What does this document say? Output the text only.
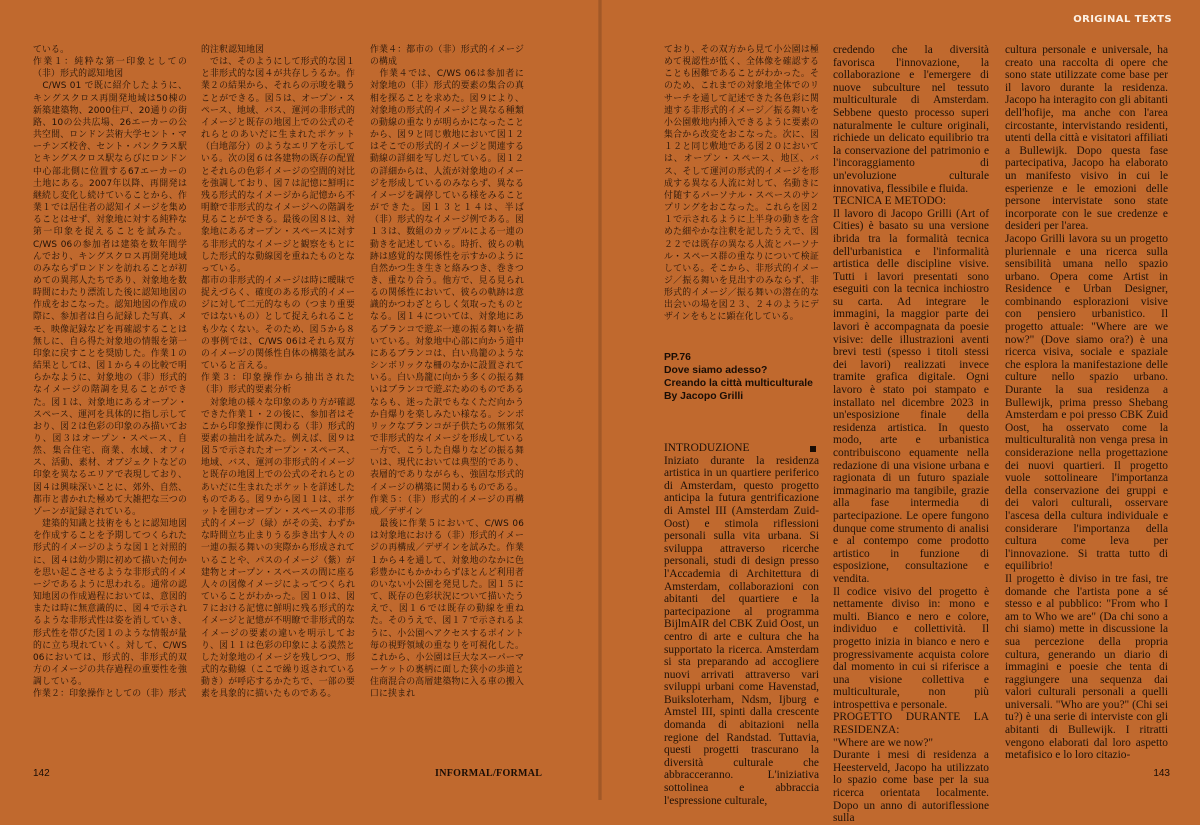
ている。
作業１：純粋な第一印象としての（非）形式的認知地図
　C/WS 01 で既に紹介したように、キングスクロス再開発地域は50棟の新築建築物、2000住戸、20通りの街路、10の公共広場、26エーカーの公共空間、ロンドン芸術大学セント・マーチンズ校舎、セント・パンクラス駅とキングスクロス駅ならびにロンドン中心部北側に位置する67エーカーの土地にある。2007年以降、再開発は継続し変化し続けていることから、作業１では居住者の認知イメージを集めることはせず、対象地に対する純粋な第一印象を捉えることを試みた。C/WS 06の参加者は建築を数年間学んでおり、キングスクロス再開発地域のみならずロンドンを訪れることが初めての異邦人たちであり、対象地を数時間にわたり漂流した後に認知地図の作成をおこなった。認知地図の作成の際に、参加者は自ら記録した写真、メモ、映像記録などを再確認することは無しに、自ら得た対象地の情報を第一印象に戻すことを奨励した。作業１の結果としては、図１から４の比較で明らかなように、対象地の（非）形式的なイメージの階調を見ることができた。図１は、対象地にあるオープン・スペース、運河を具体的に指し示しており、図２は色彩の印象のみ描いており、図３はオープン・スペース、自然、集合住宅、商業、水域、オフィス、活動、素材、オブジェクトなどの印象を異なるエリアで表現しており、図４は興味深いことに、郊外、自然、都市と書かれた極めて大雑把な三つのゾーンが記録されている。
　建築的知識と技術をもとに認知地図を作成することを予期してつくられた形式的イメージのような図１と対照的に、図４は幼少期に初めて描いた何かを思い起こさせるような非形式的イメージであるように思われる。通常の認知地図の作成過程においては、意図的または時に無意識的に、図４で示されるような非形式性は姿を消していき、形式性を帯びた図１のような情報が量的に立ち現れていく。対して、C/WS 06においては、形式的、非形式的双方のイメージの共存過程の重要性を強調している。
作業２：印象操作としての（非）形式

的注釈認知地図
　では、そのようにして形式的な図１と非形式的な図４が共存しうるか。作業２の結果から、それらの示唆を職うことができる。図５は、オープン・スペース、地域、バス、運河の非形式的イメージと既存の地図上での公式のそれらとのあいだに生まれたポケット（白地部分）のようなエリアを示している。次の図６は各建物の既存の配置とそれらの色彩イメージの空間的対比を強調しており、図７は記憶に鮮明に残る形式的なイメージから記憶から不明瞭で非形式的なイメージへの階調を見ることができる。最後の図８は、対象地にあるオープン・スペースに対する非形式的なイメージと観察をもとにした形式的な動線図を重ねたものとなっている。
都市の非形式的イメージは時に曖昧で捉えづらく、確度のある形式的イメージに対して二元的なもの（つまり重要ではないもの）として捉えられることも少なくない。そのため、図５から８の事例では、C/WS 06はそれら双方のイメージの関係性自体の構築を試みていると言える。
作業３：印象操作から抽出された（非）形式的要素分析
　対象地の様々な印象のあり方が確認できた作業１・２の後に、参加者はそこから印象操作に関わる（非）形式的要素の抽出を試みた。例えば、図９は図５で示されたオープン・スペース、地域、バス、運河の非形式的イメージと既存の地図上での公式のそれらとのあいだに生まれたポケットを詳述したものである。図９から図１１は、ポケットを囲むオープン・スペースの非形式的イメージ（緑）がその美、わずかな時間立ち止まりうる歩き出す人々の一連の振る舞いの実際から形成されていることや、パスのイメージ（紫）が建物とオープン・スペースの間に座る人々の図像イメージによってつくられていることがわかった。図１０は、図７における記憶に鮮明に残る形式的なイメージと記憶が不明瞭で非形式的なイメージの要素の違いを明示しており、図１１は色彩の印象による漠然とした対象地のイメージを残しつつ、形式的な動線（ここで繰り返されている動き）が呼応するかたちで、一部の要素を具象的に描いたものである。

作業４：都市の（非）形式的イメージの構成
　作業４では、C/WS 06は参加者に対象地の（非）形式的要素の集合の真相を探ることを求めた。図９により、対象地の形式的イメージと異なる種類の動線の重なりが明らかになったことから、図９と同じ敷地において図１２はそこでの形式的イメージと関連する動線の詳細を写しだしている。図１２の詳細からは、人流が対象地のイメージを形成しているのみならず、異なるイメージを調停している様をみることができた。図１３と１４は、半ば（非）形式的なイメージ例である。図１３は、数組のカップルによる一連の動きを記述している。時折、彼らの軌跡は感覚的な関係性を示すかのように自然かつ生き生きと絡みつき、巻きつき、重なり合う。他方で、見る見られるの関係性において、彼らの軌跡は意識的かつわざとらしく気取ったものとなる。図１４については、対象地にあるブランコで遊ぶ一連の振る舞いを描いている。対象地中心部に向かう道中にあるブランコは、白い鳥籠のようなシンボリックな柵のなかに設置されている。白い鳥籠に向かう多くの振る舞いはブランコで遊ぶためのものであるならも、迷った訳でもなくただ向かうか自爆りを楽しみたい様なる。シンボリックなブランコが子供たちの無邪気で非形式的なイメージを形成している一方で、こうした自爆りなどの振る舞いは、現代においては典型的であり、表層的でありながらも、強固な形式的イメージの構築に関わるものである。
作業５：（非）形式的イメージの再構成／デザイン
　最後に作業５において、C/WS 06は対象地における（非）形式的イメージの再構成／デザインを試みた。作業１から４を通して、対象地のなかに色彩豊かにもかかわらずほとんど利用者のいない小公園を発見した。図１５にて、既存の色彩状況について描いたうえで、図１６では既存の動線を重ねた。そのうえで、図１７で示されるように、小公園へアクセスするポイント毎の視野領域の重なりを可視化した。これから、小公園は巨大なスーパーマーケットの裏柄に面した狭小の歩道と住商混合の高層建築物に入る車の搬入口に挟まれ

142	INFORMAL/FORMAL
ORIGINAL TEXTS

ており、その双方から見て小公園は極めて視認性が低く、全体像を確認することも困難であることがわかった。そのため、これまでの対象地全体でのリサーチを通して記述できた各色彩に関連する非形式的イメージ／振る舞いを小公園敷地内挿入できるように要素の集合から改変をおこなった。次に、図１２と同じ敷地である図２０においては、オープン・スペース、地区、バス、そして運河の形式的イメージを形成する異なる人流に対して、名動きに付随するパーソナル・スペースのサンプリングをおこなった。これらを図２１で示されるように上半身の動きを含めた細やかな注釈を記したうえで、図２２では既存の異なる人流とパーソナル・スペース群の重なりについて検証している。そこから、非形式的イメージ／振る舞いを見出すのみならず、非形式的イメージ／振る舞いの潜在的な出会いの場を図２３、２４のようにデザインをもとに顕在化している。

PP.76
Dove siamo adesso?
Creando la città multiculturale
By Jacopo Grilli

INTRODUZIONE
Iniziato durante la residenza artistica in un quartiere periferico di Amsterdam, questo progetto anticipa la futura gentrificazione di Amstel III (Amsterdam Zuid-Oost) e stimola riflessioni personali sulla vita urbana. Si sviluppa attraverso ricerche personali, studi di design presso l'Accademia di Architettura di Amsterdam, collaborazioni con abitanti del quartiere e la partecipazione al programma BijlmAIR del CBK Zuid Oost, un centro di arte e cultura che ha supportato la ricerca. Amsterdam si sta preparando ad accogliere nuovi arrivati attraverso vari sviluppi urbani come Havenstad, Buiksloterham, Ndsm, Ijburg e Amstel III, spinti dalla crescente domanda di abitazioni nella regione del Randstad. Tuttavia, questi progetti trascurano la diversità culturale che abbracceranno. L'iniziativa sottolinea e abbraccia l'espressione culturale,

credendo che la diversità favorisca l'innovazione, la collaborazione e l'emergere di nuove subculture nel tessuto multiculturale di Amsterdam. Sebbene questo processo superi naturalmente le culture originali, richiede un delicato equilibrio tra la conservazione del patrimonio e l'incoraggiamento di un'evoluzione culturale innovativa, flessibile e fluida.
TECNICA E METODO:
Il lavoro di Jacopo Grilli (Art of Cities) è basato su una versione ibrida tra la formalità tecnica dell'urbanistica e l'informalità artistica delle discipline visive. Tutti i lavori presentati sono eseguiti con la tecnica inchiostro su carta. Ad integrare le immagini, la maggior parte dei lavori è accompagnata da poesie visive: delle illustrazioni aventi brevi testi (spesso i titoli stessi dei lavori) realizzati invece tramite grafica digitale. Ogni lavoro è stato poi stampato e installato nel dicembre 2023 in un'esposizione finale della residenza artistica. In questo modo, arte e urbanistica contribuiscono equamente nella redazione di una visione urbana e ragionata di un futuro spaziale immaginario ma tangibile, grazie alla fase intermedia di partecipazione. Le opere fungono dunque come strumento di analisi e al contempo come prodotto artistico in funzione di esposizione, consultazione e vendita.
Il codice visivo del progetto è nettamente diviso in: mono e multi. Bianco e nero e colore, individuo e collettività. Il progetto inizia in bianco e nero e progressivamente acquista colore dal momento in cui si riferisce a una visione collettiva e multiculturale, non più introspettiva e personale.
PROGETTO DURANTE LA RESIDENZA:
"Where are we now?"
Durante i mesi di residenza a Heesterveld, Jacopo ha utilizzato lo spazio come base per la sua ricerca orientata localmente. Dopo un anno di autoriflessione sulla

cultura personale e universale, ha creato una raccolta di opere che sono state utilizzate come base per il lavoro durante la residenza. Jacopo ha interagito con gli abitanti dell'hofije, ma anche con l'area circostante, intervistando residenti, utenti della città e visitatori affiliati a Bullewijk. Dopo questa fase partecipativa, Jacopo ha elaborato un manifesto visivo in cui le esperienze e le emozioni delle persone intervistate sono state incorporate con le sue credenze e desideri per l'area.
Jacopo Grilli lavora su un progetto pluriennale e una ricerca sulla sensibilità umana nello spazio urbano. Opera come Artist in Residence e Urban Designer, combinando esplorazioni visive con pensiero urbanistico. Il progetto attuale: "Where are we now?" (Dove siamo ora?) è una ricerca visiva, sociale e spaziale che esplora la manifestazione delle culture nello spazio urbano. Durante la sua residenza a Bullewijk, prima presso Shebang Amsterdam e poi presso CBK Zuid Oost, ha osservato come la multiculturalità non venga presa in considerazione nella progettazione dei nuovi quartieri. Il progetto vuole sottolineare l'importanza della conservazione dei gruppi e dei valori culturali, osservare l'ascesa della cultura individuale e considerare l'importanza della cultura come leva per l'innovazione. Si tratta tutto di equilibrio!
Il progetto è diviso in tre fasi, tre domande che l'artista pone a sé stesso e al pubblico: "From who I am to Who we are" (Da chi sono a chi siamo) mette in discussione la sua percezione della propria cultura, generando un diario di immagini e poesie che tenta di raggiungere una sequenza dai valori culturali personali a quelli universali. "Who are you?" (Chi sei tu?) è una serie di interviste con gli abitanti di Bullewijk. I ritratti vengono elaborati dal loro aspetto metafisico e lo loro citazio-

143
